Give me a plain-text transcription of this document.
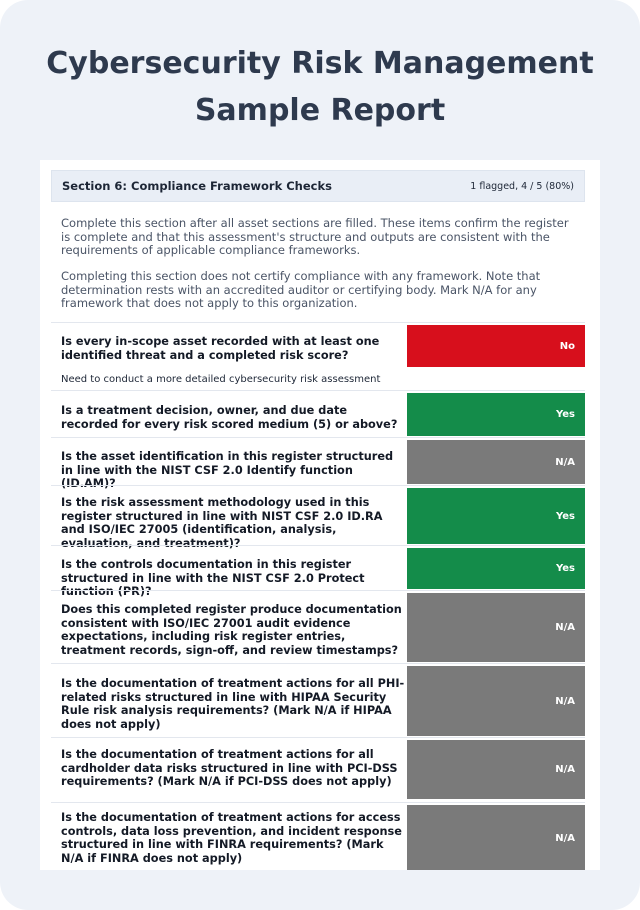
Cybersecurity Risk Management
Sample Report
Section 6: Compliance Framework Checks	1 flagged, 4 / 5 (80%)

Complete this section after all asset sections are filled. These items confirm the register is complete and that this assessment's structure and outputs are consistent with the requirements of applicable compliance frameworks.

Completing this section does not certify compliance with any framework. Note that determination rests with an accredited auditor or certifying body. Mark N/A for any framework that does not apply to this organization.

Is every in-scope asset recorded with at least one identified threat and a completed risk score?
No
Need to conduct a more detailed cybersecurity risk assessment
Is a treatment decision, owner, and due date recorded for every risk scored medium (5) or above?
Yes
Is the asset identification in this register structured in line with the NIST CSF 2.0 Identify function (ID.AM)?
N/A
Is the risk assessment methodology used in this register structured in line with NIST CSF 2.0 ID.RA and ISO/IEC 27005 (identification, analysis, evaluation, and treatment)?
Yes
Is the controls documentation in this register structured in line with the NIST CSF 2.0 Protect function (PR)?
Yes
Does this completed register produce documentation consistent with ISO/IEC 27001 audit evidence expectations, including risk register entries, treatment records, sign-off, and review timestamps?
N/A
Is the documentation of treatment actions for all PHI-related risks structured in line with HIPAA Security Rule risk analysis requirements? (Mark N/A if HIPAA does not apply)
N/A
Is the documentation of treatment actions for all cardholder data risks structured in line with PCI-DSS requirements? (Mark N/A if PCI-DSS does not apply)
N/A
Is the documentation of treatment actions for access controls, data loss prevention, and incident response structured in line with FINRA requirements? (Mark N/A if FINRA does not apply)
N/A
